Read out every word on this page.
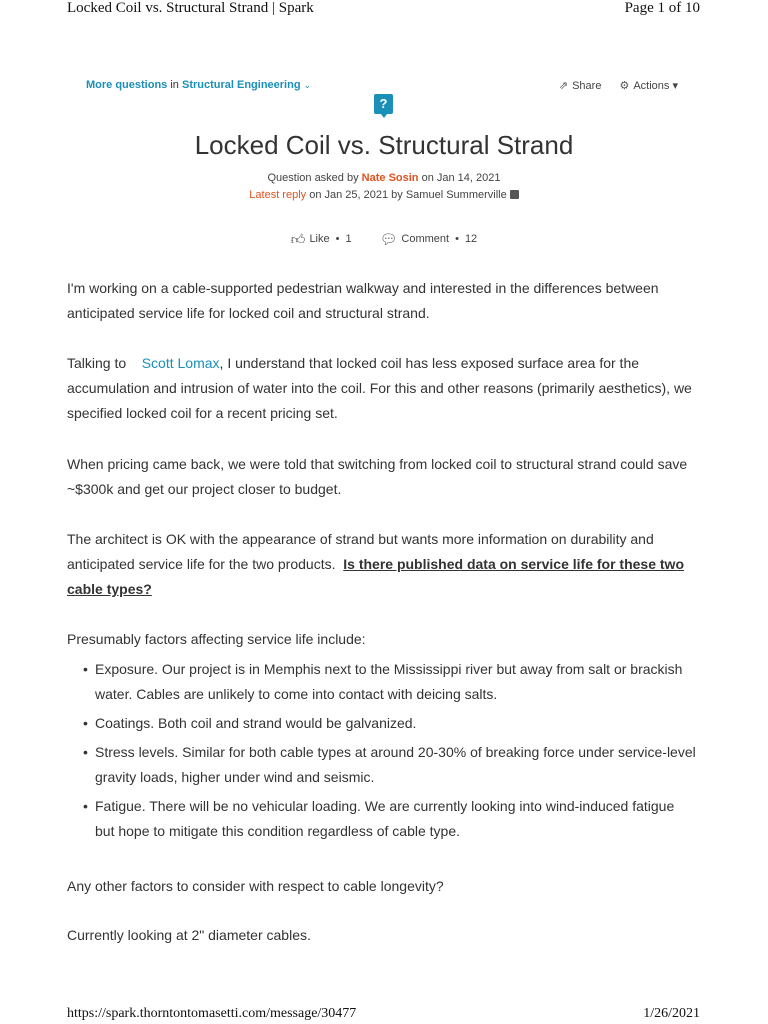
Locked Coil vs. Structural Strand | Spark	Page 1 of 10
More questions in Structural Engineering ⌄	⇗ Share ⚙ Actions ▾
?
Locked Coil vs. Structural Strand
Question asked by Nate Sosin on Jan 14, 2021
Latest reply on Jan 25, 2021 by Samuel Summerville
👍︎ Like • 1 💬︎ Comment • 12

I'm working on a cable-supported pedestrian walkway and interested in the differences between anticipated service life for locked coil and structural strand.

Talking to Scott Lomax, I understand that locked coil has less exposed surface area for the accumulation and intrusion of water into the coil. For this and other reasons (primarily aesthetics), we specified locked coil for a recent pricing set.

When pricing came back, we were told that switching from locked coil to structural strand could save ~$300k and get our project closer to budget.

The architect is OK with the appearance of strand but wants more information on durability and anticipated service life for the two products. Is there published data on service life for these two cable types?

Presumably factors affecting service life include:

• Exposure. Our project is in Memphis next to the Mississippi river but away from salt or brackish water. Cables are unlikely to come into contact with deicing salts.
• Coatings. Both coil and strand would be galvanized.
• Stress levels. Similar for both cable types at around 20-30% of breaking force under service-level gravity loads, higher under wind and seismic.
• Fatigue. There will be no vehicular loading. We are currently looking into wind-induced fatigue but hope to mitigate this condition regardless of cable type.

Any other factors to consider with respect to cable longevity?

Currently looking at 2" diameter cables.

https://spark.thorntontomasetti.com/message/30477	1/26/2021
